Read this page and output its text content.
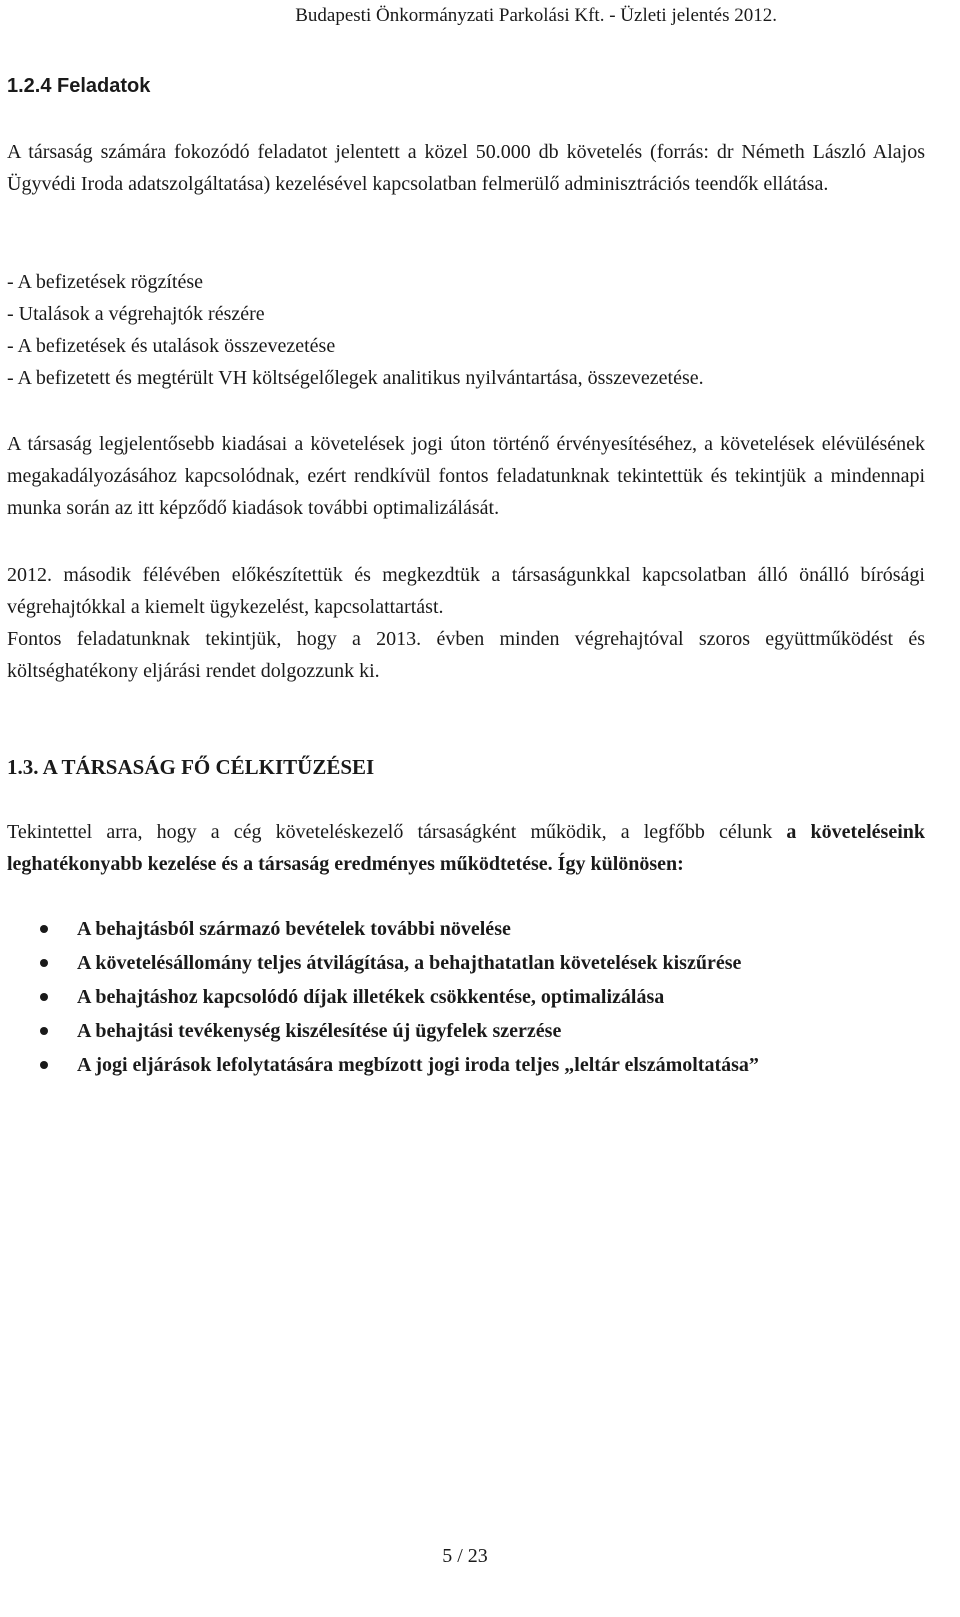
Budapesti Önkormányzati Parkolási Kft. - Üzleti jelentés 2012.
1.2.4 Feladatok
A társaság számára fokozódó feladatot jelentett a közel 50.000 db követelés (forrás: dr Németh László Alajos Ügyvédi Iroda adatszolgáltatása) kezelésével kapcsolatban felmerülő adminisztrációs teendők ellátása.
- A befizetések rögzítése
- Utalások a végrehajtók részére
- A befizetések és utalások összevezetése
- A befizetett és megtérült VH költségelőlegek analitikus nyilvántartása, összevezetése.
A társaság legjelentősebb kiadásai a követelések jogi úton történő érvényesítéséhez, a követelések elévülésének megakadályozásához kapcsolódnak, ezért rendkívül fontos feladatunknak tekintettük és tekintjük a mindennapi munka során az itt képződő kiadások további optimalizálását.
2012. második félévében előkészítettük és megkezdtük a társaságunkkal kapcsolatban álló önálló bírósági végrehajtókkal a kiemelt ügykezelést, kapcsolattartást.
Fontos feladatunknak tekintjük, hogy a 2013. évben minden végrehajtóval szoros együttműködést és költséghatékony eljárási rendet dolgozzunk ki.
1.3. A TÁRSASÁG FŐ CÉLKITŰZÉSEI
Tekintettel arra, hogy a cég követeléskezelő társaságként működik, a legfőbb célunk a követeléseink leghatékonyabb kezelése és a társaság eredményes működtetése. Így különösen:
A behajtásból származó bevételek további növelése
A követelésállomány teljes átvilágítása, a behajthatatlan követelések kiszűrése
A behajtáshoz kapcsolódó díjak illetékek csökkentése, optimalizálása
A behajtási tevékenység kiszélesítése új ügyfelek szerzése
A jogi eljárások lefolytatására megbízott jogi iroda teljes „leltár elszámoltatása”
5 / 23
